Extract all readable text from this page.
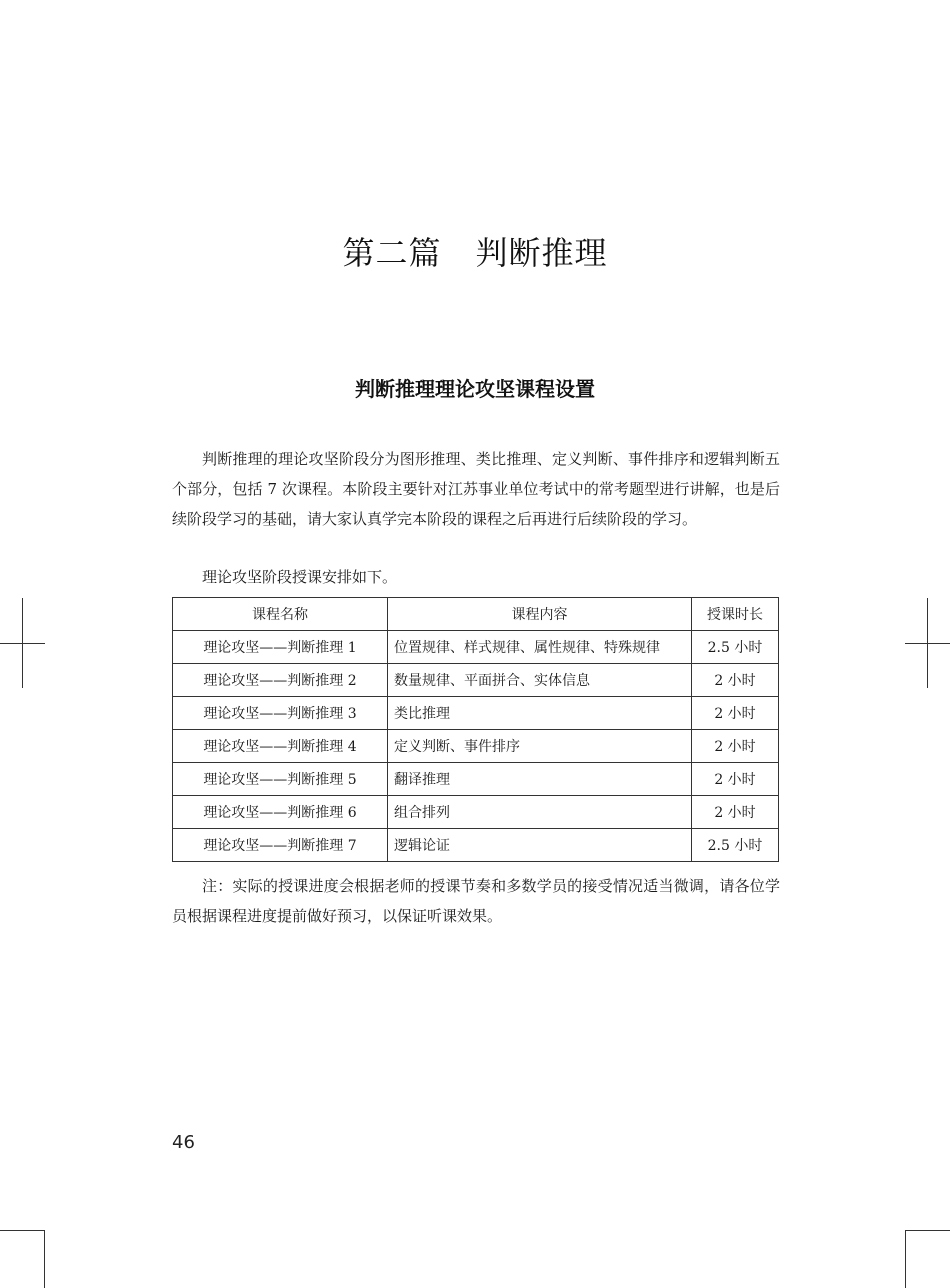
第二篇 判断推理
判断推理理论攻坚课程设置

判断推理的理论攻坚阶段分为图形推理、类比推理、定义判断、事件排序和逻辑判断五个部分，包括 7 次课程。本阶段主要针对江苏事业单位考试中的常考题型进行讲解，也是后续阶段学习的基础，请大家认真学完本阶段的课程之后再进行后续阶段的学习。

理论攻坚阶段授课安排如下。

课程名称	课程内容	授课时长
理论攻坚——判断推理 1	位置规律、样式规律、属性规律、特殊规律	2.5 小时
理论攻坚——判断推理 2	数量规律、平面拼合、实体信息	2 小时
理论攻坚——判断推理 3	类比推理	2 小时
理论攻坚——判断推理 4	定义判断、事件排序	2 小时
理论攻坚——判断推理 5	翻译推理	2 小时
理论攻坚——判断推理 6	组合排列	2 小时
理论攻坚——判断推理 7	逻辑论证	2.5 小时

注：实际的授课进度会根据老师的授课节奏和多数学员的接受情况适当微调，请各位学员根据课程进度提前做好预习，以保证听课效果。

46
